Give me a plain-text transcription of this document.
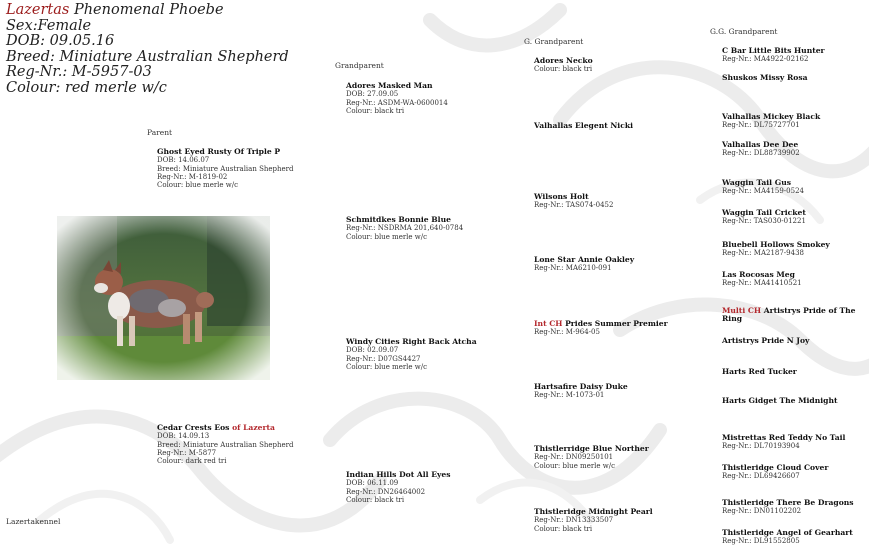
Lazertas Phenomenal Phoebe
Sex:Female
DOB: 09.05.16
Breed: Miniature Australian Shepherd
Reg-Nr.: M-5957-03
Colour: red merle w/c
Parent
Grandparent
G. Grandparent
G.G. Grandparent
Ghost Eyed Rusty Of Triple P
DOB: 14.06.07
Breed: Miniature Australian Shepherd
Reg-Nr.: M-1819-02
Colour: blue merle w/c
Cedar Crests Eos of Lazerta
DOB: 14.09.13
Breed: Miniature Australian Shepherd
Reg-Nr.: M-5877
Colour: dark red tri
Adores Masked Man
DOB: 27.09.05
Reg-Nr.: ASDM-WA-0600014
Colour: black tri
Schmitdkes Bonnie Blue
Reg-Nr.: NSDRMA 201,640-0784
Colour: blue merle w/c
Windy Cities Right Back Atcha
DOB: 02.09.07
Reg-Nr.: D07GS4427
Colour: blue merle w/c
Indian Hills Dot All Eyes
DOB: 06.11.09
Reg-Nr.: DN26464002
Colour: black tri
Adores Necko
Colour: black tri
Valhallas Elegent Nicki
Wilsons Holt
Reg-Nr.: TAS074-0452
Lone Star Annie Oakley
Reg-Nr.: MA6210-091
Int CH Prides Summer Premier
Reg-Nr.: M-964-05
Hartsafire Daisy Duke
Reg-Nr.: M-1073-01
Thistlerridge Blue Norther
Reg-Nr.: DN09250101
Colour: blue merle w/c
Thistleridge Midnight Pearl
Reg-Nr.: DN13333507
Colour: black tri
C Bar Little Bits Hunter
Reg-Nr.: MA4922-02162
Shuskos Missy Rosa
Valhallas Mickey Black
Reg-Nr.: DL75727701
Valhallas Dee Dee
Reg-Nr.: DL88739902
Waggin Tail Gus
Reg-Nr.: MA4159-0524
Waggin Tail Cricket
Reg-Nr.: TAS030-01221
Bluebell Hollows Smokey
Reg-Nr.: MA2187-9438
Las Rocosas Meg
Reg-Nr.: MA41410521
Multi CH Artistrys Pride of The Ring
Artistrys Pride N Joy
Harts Red Tucker
Harts Gidget The Midnight
Mistrettas Red Teddy No Tail
Reg-Nr.: DL70193904
Thistleridge Cloud Cover
Reg-Nr.: DL69426607
Thistleridge There Be Dragons
Reg-Nr.: DN01102202
Thistleridge Angel of Gearhart
Reg-Nr.: DL91552805
Lazertakennel
